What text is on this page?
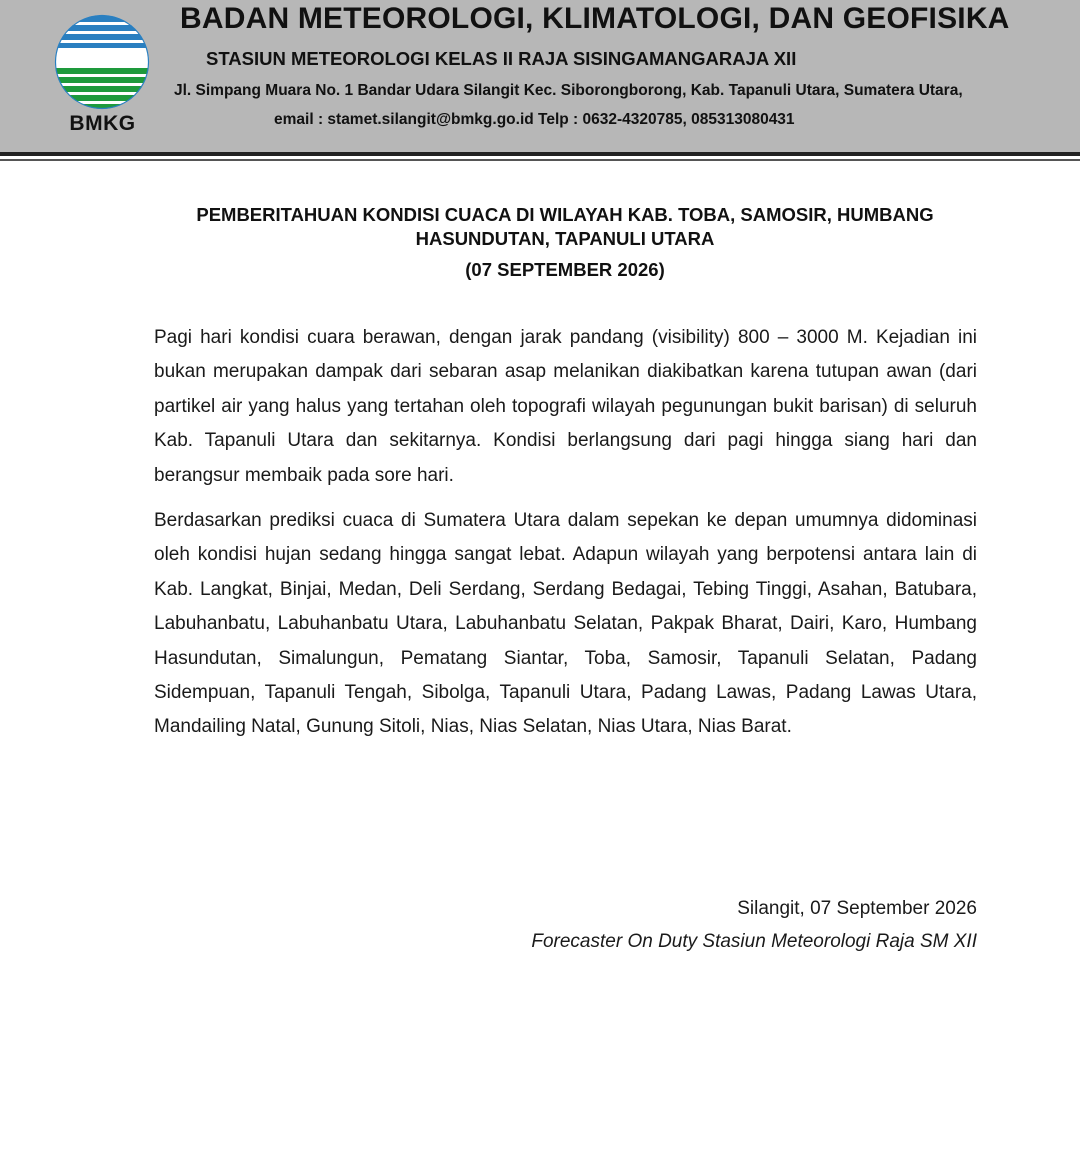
BMKG
BADAN METEOROLOGI, KLIMATOLOGI, DAN GEOFISIKA
STASIUN METEOROLOGI KELAS II RAJA SISINGAMANGARAJA XII
Jl. Simpang Muara No. 1 Bandar Udara Silangit Kec. Siborongborong, Kab. Tapanuli Utara, Sumatera Utara,
email : stamet.silangit@bmkg.go.id Telp : 0632-4320785, 085313080431
PEMBERITAHUAN KONDISI CUACA DI WILAYAH KAB. TOBA, SAMOSIR, HUMBANG HASUNDUTAN, TAPANULI UTARA
(07 SEPTEMBER 2026)

Pagi hari kondisi cuara berawan, dengan jarak pandang (visibility) 800 – 3000 M. Kejadian ini bukan merupakan dampak dari sebaran asap melanikan diakibatkan karena tutupan awan (dari partikel air yang halus yang tertahan oleh topografi wilayah pegunungan bukit barisan) di seluruh Kab. Tapanuli Utara dan sekitarnya. Kondisi berlangsung dari pagi hingga siang hari dan berangsur membaik pada sore hari.

Berdasarkan prediksi cuaca di Sumatera Utara dalam sepekan ke depan umumnya didominasi oleh kondisi hujan sedang hingga sangat lebat. Adapun wilayah yang berpotensi antara lain di Kab. Langkat, Binjai, Medan, Deli Serdang, Serdang Bedagai, Tebing Tinggi, Asahan, Batubara, Labuhanbatu, Labuhanbatu Utara, Labuhanbatu Selatan, Pakpak Bharat, Dairi, Karo, Humbang Hasundutan, Simalungun, Pematang Siantar, Toba, Samosir, Tapanuli Selatan, Padang Sidempuan, Tapanuli Tengah, Sibolga, Tapanuli Utara, Padang Lawas, Padang Lawas Utara, Mandailing Natal, Gunung Sitoli, Nias, Nias Selatan, Nias Utara, Nias Barat.

Silangit, 07 September 2026
Forecaster On Duty Stasiun Meteorologi Raja SM XII
